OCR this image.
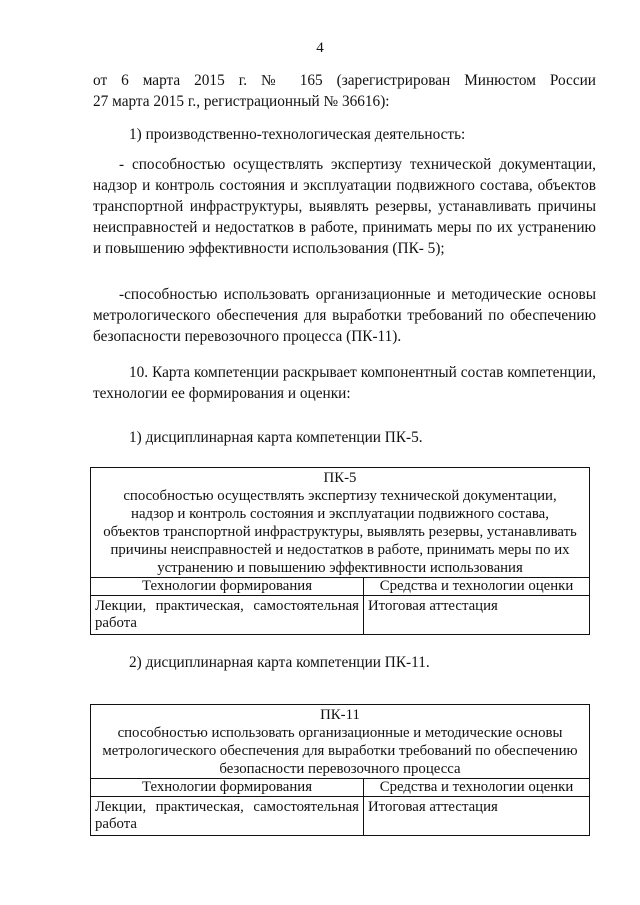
4

от 6 марта 2015 г. № 165 (зарегистрирован Минюстом России

27 марта 2015 г., регистрационный № 36616):

1) производственно-технологическая деятельность:

- способностью осуществлять экспертизу технической документации, надзор и контроль состояния и эксплуатации подвижного состава, объектов транспортной инфраструктуры, выявлять резервы, устанавливать причины неисправностей и недостатков в работе, принимать меры по их устранению и повышению эффективности использования (ПК- 5);

-способностью использовать организационные и методические основы метрологического обеспечения для выработки требований по обеспечению безопасности перевозочного процесса (ПК-11).

10. Карта компетенции раскрывает компонентный состав компетенции, технологии ее формирования и оценки:

1) дисциплинарная карта компетенции ПК-5.

ПК-5
способностью осуществлять экспертизу технической документации,
надзор и контроль состояния и эксплуатации подвижного состава,
объектов транспортной инфраструктуры, выявлять резервы, устанавливать
причины неисправностей и недостатков в работе, принимать меры по их
устранению и повышению эффективности использования
Технологии формирования	Средства и технологии оценки
Лекции, практическая, самостоятельная работа
Итоговая аттестация

2) дисциплинарная карта компетенции ПК-11.

ПК-11
способностью использовать организационные и методические основы
метрологического обеспечения для выработки требований по обеспечению
безопасности перевозочного процесса
Технологии формирования	Средства и технологии оценки
Лекции, практическая, самостоятельная работа
Итоговая аттестация
